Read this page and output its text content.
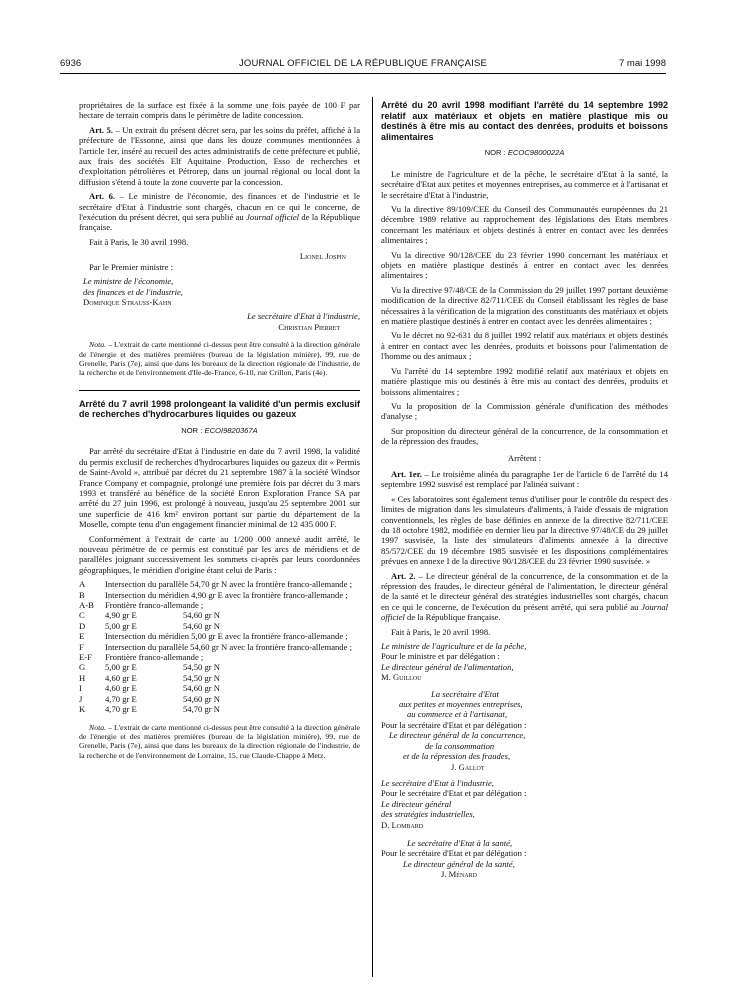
6936	JOURNAL OFFICIEL DE LA RÉPUBLIQUE FRANÇAISE	7 mai 1998

propriétaires de la surface est fixée à la somme une fois payée de 100 F par hectare de terrain compris dans le périmètre de ladite concession.

Art. 5. – Un extrait du présent décret sera, par les soins du préfet, affiché à la préfecture de l'Essonne, ainsi que dans les douze communes mentionnées à l'article 1er, inséré au recueil des actes administratifs de cette préfecture et publié, aux frais des sociétés Elf Aquitaine Production, Esso de recherches et d'exploitation pétrolières et Pétrorep, dans un journal régional ou local dont la diffusion s'étend à toute la zone couverte par la concession.

Art. 6. – Le ministre de l'économie, des finances et de l'industrie et le secrétaire d'Etat à l'industrie sont chargés, chacun en ce qui le concerne, de l'exécution du présent décret, qui sera publié au Journal officiel de la République française.

Fait à Paris, le 30 avril 1998.

Lionel Jospin

Par le Premier ministre :

Le ministre de l'économie,

des finances et de l'industrie,

Dominique Strauss-Kahn

Le secrétaire d'Etat à l'industrie,

Christian Pierret

Nota. – L'extrait de carte mentionné ci-dessus peut être consulté à la direction générale de l'énergie et des matières premières (bureau de la législation minière), 99, rue de Grenelle, Paris (7e), ainsi que dans les bureaux de la direction régionale de l'industrie, de la recherche et de l'environnement d'Ile-de-France, 6-10, rue Crillon, Paris (4e).

Arrêté du 7 avril 1998 prolongeant la validité d'un permis exclusif de recherches d'hydrocarbures liquides ou gazeux

NOR : ECOI9820367A

Par arrêté du secrétaire d'Etat à l'industrie en date du 7 avril 1998, la validité du permis exclusif de recherches d'hydrocarbures liquides ou gazeux dit « Permis de Saint-Avold », attribué par décret du 21 septembre 1987 à la société Windsor France Company et compagnie, prolongé une première fois par décret du 3 mars 1993 et transféré au bénéfice de la société Enron Exploration France SA par arrêté du 27 juin 1996, est prolongé à nouveau, jusqu'au 25 septembre 2001 sur une superficie de 416 km² environ portant sur partie du département de la Moselle, compte tenu d'un engagement financier minimal de 12 435 000 F.

Conformément à l'extrait de carte au 1/200 000 annexé audit arrêté, le nouveau périmètre de ce permis est constitué par les arcs de méridiens et de parallèles joignant successivement les sommets ci-après par leurs coordonnées géographiques, le méridien d'origine étant celui de Paris :

A	Intersection du parallèle 54,70 gr N avec la frontière franco-allemande ;	
B	Intersection du méridien 4,90 gr E avec la frontière franco-allemande ;	
A-B	Frontière franco-allemande ;	
C	4,90 gr E	54,60 gr N
D	5,00 gr E	54,60 gr N
E	Intersection du méridien 5,00 gr E avec la frontière franco-allemande ;	
F	Intersection du parallèle 54,60 gr N avec la frontière franco-allemande ;	
E-F	Frontière franco-allemande ;	
G	5,00 gr E	54,50 gr N
H	4,60 gr E	54,50 gr N
I	4,60 gr E	54,60 gr N
J	4,70 gr E	54,60 gr N
K	4,70 gr E	54,70 gr N

Nota. – L'extrait de carte mentionné ci-dessus peut être consulté à la direction générale de l'énergie et des matières premières (bureau de la législation minière), 99, rue de Grenelle, Paris (7e), ainsi que dans les bureaux de la direction régionale de l'industrie, de la recherche et de l'environnement de Lorraine, 15, rue Claude-Chappe à Metz.

Arrêté du 20 avril 1998 modifiant l'arrêté du 14 septembre 1992 relatif aux matériaux et objets en matière plastique mis ou destinés à être mis au contact des denrées, produits et boissons alimentaires

NOR : ECOC9800022A

Le ministre de l'agriculture et de la pêche, le secrétaire d'Etat à la santé, la secrétaire d'Etat aux petites et moyennes entreprises, au commerce et à l'artisanat et le secrétaire d'Etat à l'industrie,

Vu la directive 89/109/CEE du Conseil des Communautés européennes du 21 décembre 1989 relative au rapprochement des législations des Etats membres concernant les matériaux et objets destinés à entrer en contact avec les denrées alimentaires ;

Vu la directive 90/128/CEE du 23 février 1990 concernant les matériaux et objets en matière plastique destinés à entrer en contact avec les denrées alimentaires ;

Vu la directive 97/48/CE de la Commission du 29 juillet 1997 portant deuxième modification de la directive 82/711/CEE du Conseil établissant les règles de base nécessaires à la vérification de la migration des constituants des matériaux et objets en matière plastique destinés à entrer en contact avec les denrées alimentaires ;

Vu le décret no 92-631 du 8 juillet 1992 relatif aux matériaux et objets destinés à entrer en contact avec les denrées, produits et boissons pour l'alimentation de l'homme ou des animaux ;

Vu l'arrêté du 14 septembre 1992 modifié relatif aux matériaux et objets en matière plastique mis ou destinés à être mis au contact des denrées, produits et boissons alimentaires ;

Vu la proposition de la Commission générale d'unification des méthodes d'analyse ;

Sur proposition du directeur général de la concurrence, de la consommation et de la répression des fraudes,

Arrêtent :

Art. 1er. – Le troisième alinéa du paragraphe 1er de l'article 6 de l'arrêté du 14 septembre 1992 susvisé est remplacé par l'alinéa suivant :

« Ces laboratoires sont également tenus d'utiliser pour le contrôle du respect des limites de migration dans les simulateurs d'aliments, à l'aide d'essais de migration conventionnels, les règles de base définies en annexe de la directive 82/711/CEE du 18 octobre 1982, modifiée en dernier lieu par la directive 97/48/CE du 29 juillet 1997 susvisée, la liste des simulateurs d'aliments annexée à la directive 85/572/CEE du 19 décembre 1985 susvisée et les dispositions complémentaires prévues en annexe I de la directive 90/128/CEE du 23 février 1990 susvisée. »

Art. 2. – Le directeur général de la concurrence, de la consommation et de la répression des fraudes, le directeur général de l'alimentation, le directeur général de la santé et le directeur général des stratégies industrielles sont chargés, chacun en ce qui le concerne, de l'exécution du présent arrêté, qui sera publié au Journal officiel de la République française.

Fait à Paris, le 20 avril 1998.

Le ministre de l'agriculture et de la pêche,

Pour le ministre et par délégation :

Le directeur général de l'alimentation,

M. Guillou

La secrétaire d'Etat

aux petites et moyennes entreprises,

au commerce et à l'artisanat,

Pour la secrétaire d'Etat et par délégation :

Le directeur général de la concurrence,

de la consommation

et de la répression des fraudes,

J. Gallot

Le secrétaire d'Etat à l'industrie,

Pour le secrétaire d'Etat et par délégation :

Le directeur général

des stratégies industrielles,

D. Lombard

Le secrétaire d'Etat à la santé,

Pour le secrétaire d'Etat et par délégation :

Le directeur général de la santé,

J. Ménard
